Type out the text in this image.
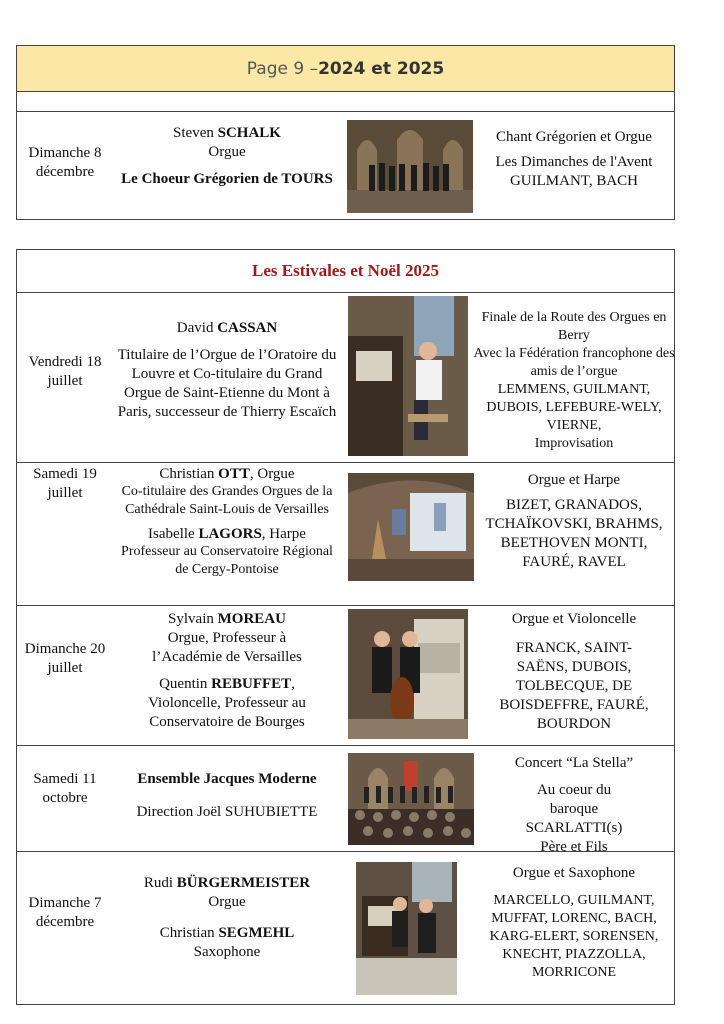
Page 9 – 2024 et 2025
Dimanche 8 décembre
Steven SCHALK
Orgue
Le Choeur Grégorien de TOURS
Chant Grégorien et Orgue
Les Dimanches de l'Avent
GUILMANT, BACH
Les Estivales et Noël 2025
Vendredi 18 juillet
David CASSAN
Titulaire de l’Orgue de l’Oratoire du Louvre et Co-titulaire du Grand Orgue de Saint-Etienne du Mont à Paris, successeur de Thierry Escaïch
Finale de la Route des Orgues en Berry
Avec la Fédération francophone des amis de l’orgue
LEMMENS, GUILMANT, DUBOIS, LEFEBURE-WELY, VIERNE,
Improvisation
Samedi 19 juillet
Christian OTT, Orgue
Co-titulaire des Grandes Orgues de la Cathédrale Saint-Louis de Versailles
Isabelle LAGORS, Harpe
Professeur au Conservatoire Régional de Cergy-Pontoise
Orgue et Harpe
BIZET, GRANADOS, TCHAÏKOVSKI, BRAHMS, BEETHOVEN MONTI, FAURÉ, RAVEL
Dimanche 20 juillet
Sylvain MOREAU
Orgue, Professeur à l’Académie de Versailles
Quentin REBUFFET,
Violoncelle, Professeur au Conservatoire de Bourges
Orgue et Violoncelle
FRANCK, SAINT-SAËNS, DUBOIS, TOLBECQUE, DE BOISDEFFRE, FAURÉ, BOURDON
Samedi 11 octobre
Ensemble Jacques Moderne
Direction Joël SUHUBIETTE
Concert “La Stella”
Au coeur du baroque SCARLATTI(s)
Père et Fils
Dimanche 7 décembre
Rudi BÜRGERMEISTER
Orgue
Christian SEGMEHL
Saxophone
Orgue et Saxophone
MARCELLO, GUILMANT, MUFFAT, LORENC, BACH, KARG-ELERT, SORENSEN, KNECHT, PIAZZOLLA, MORRICONE
